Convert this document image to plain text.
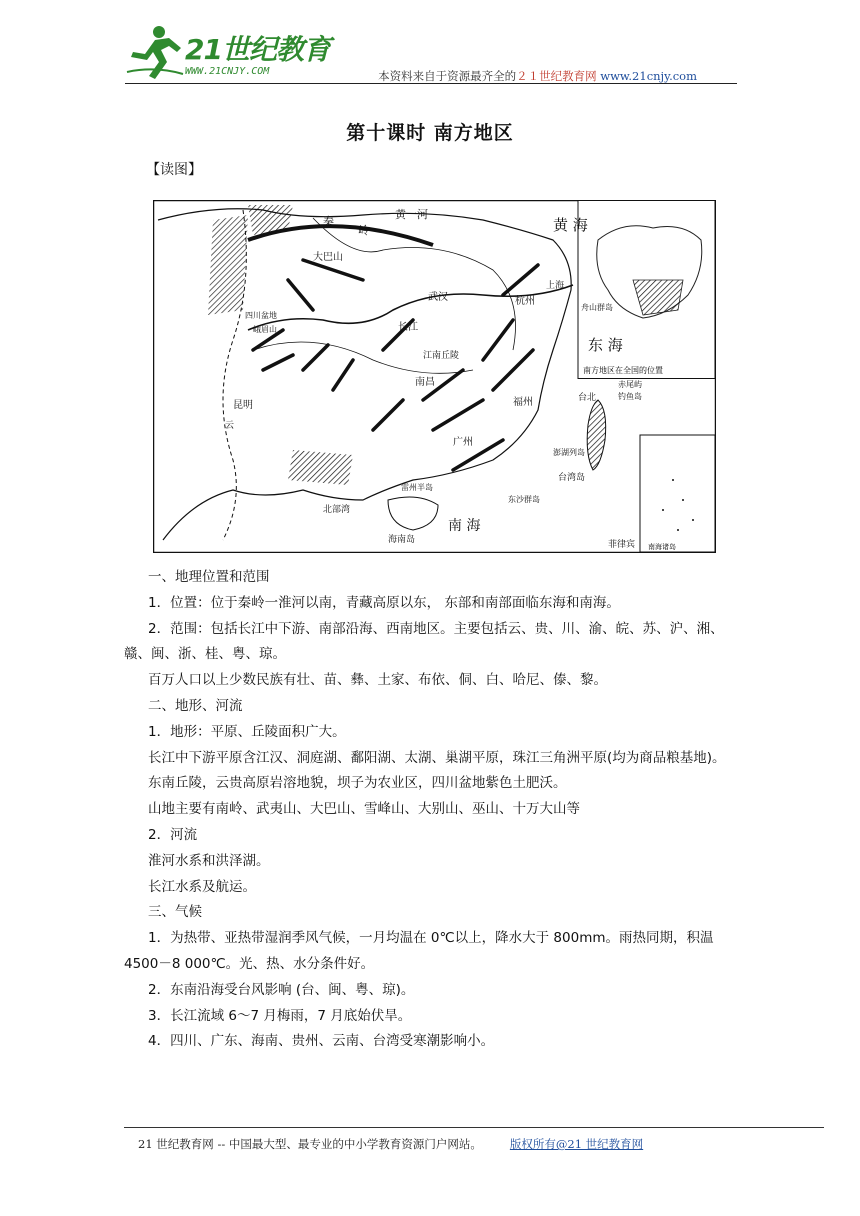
21世纪教育
WWW.21CNJY.COM	本资料来自于资源最齐全的２１世纪教育网 www.21cnjy.com
第十课时 南方地区
【读图】
南方地区在全国的位置
南海诸岛
黄一河
秦
岭
大巴山
四川盆地
峨眉山
昆明
武汉	杭州
上海
南昌
福州
广州
台北
台湾岛
海南岛
南 海
东 海
黄 海
北部湾
雷州半岛
东沙群岛
菲律宾
舟山群岛
赤尾屿
钓鱼岛
澎湖列岛
江南丘陵
云
长江

一、地理位置和范围

1．位置：位于秦岭一淮河以南，青藏高原以东， 东部和南部面临东海和南海。

2．范围：包括长江中下游、南部沿海、西南地区。主要包括云、贵、川、渝、皖、苏、沪、湘、赣、闽、浙、桂、粤、琼。

百万人口以上少数民族有壮、苗、彝、土家、布依、侗、白、哈尼、傣、黎。

二、地形、河流

1．地形：平原、丘陵面积广大。

长江中下游平原含江汉、洞庭湖、鄱阳湖、太湖、巢湖平原，珠江三角洲平原(均为商品粮基地)。

东南丘陵，云贵高原岩溶地貌，坝子为农业区，四川盆地紫色土肥沃。

山地主要有南岭、武夷山、大巴山、雪峰山、大别山、巫山、十万大山等

2．河流

淮河水系和洪泽湖。

长江水系及航运。

三、气候

1．为热带、亚热带湿润季风气候，一月均温在 0℃以上，降水大于 800mm。雨热同期，积温 4500－8 000℃。光、热、水分条件好。

2．东南沿海受台风影响 (台、闽、粤、琼)。

3．长江流域 6～7 月梅雨，7 月底始伏旱。

4．四川、广东、海南、贵州、云南、台湾受寒潮影响小。

21 世纪教育网 -- 中国最大型、最专业的中小学教育资源门户网站。 版权所有@21 世纪教育网
